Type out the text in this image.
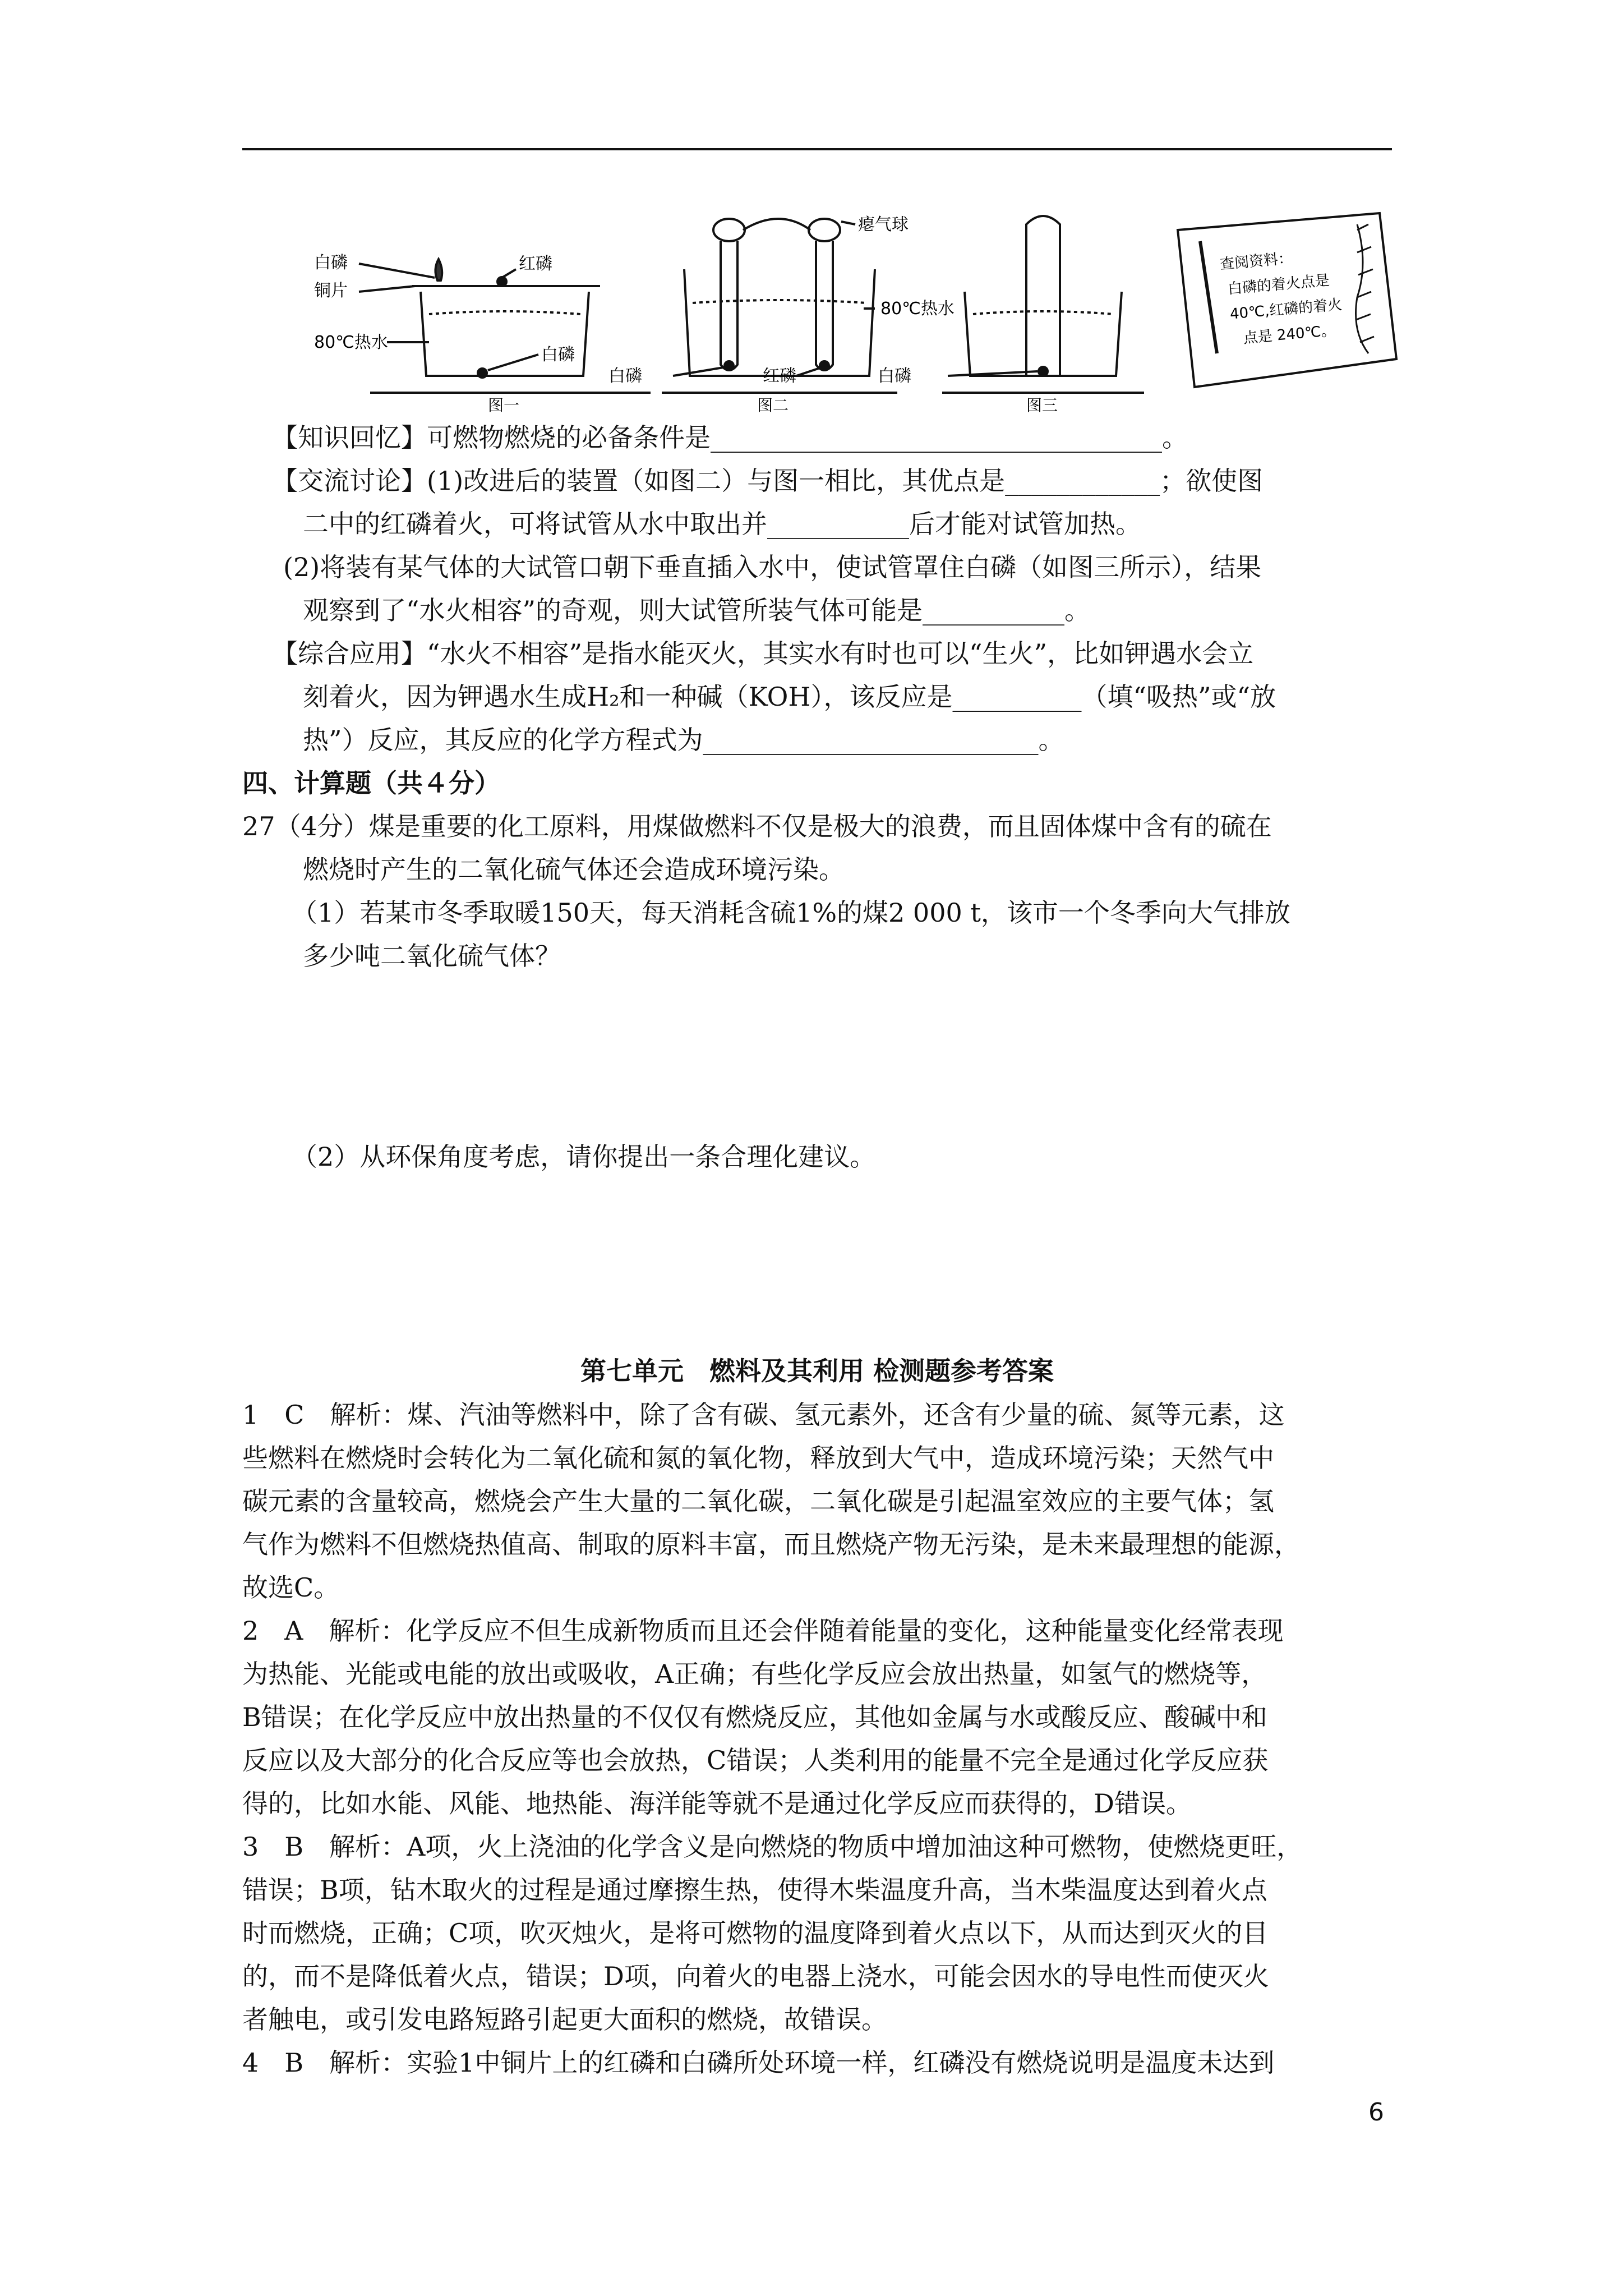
白磷
铜片
红磷
80℃热水
白磷
图一
瘪气球
80℃热水
白磷	红磷
图二
白磷
图三
查阅资料：
白磷的着火点是
40℃,红磷的着火
点是 240℃。
【知识回忆】可燃物燃烧的必备条件是___________________________________。
【交流讨论】(1)改进后的装置（如图二）与图一相比，其优点是____________；欲使图
二中的红磷着火，可将试管从水中取出并___________后才能对试管加热。
(2)将装有某气体的大试管口朝下垂直插入水中，使试管罩住白磷（如图三所示），结果
观察到了“水火相容”的奇观，则大试管所装气体可能是___________。
【综合应用】“水火不相容”是指水能灭火，其实水有时也可以“生火”，比如钾遇水会立
刻着火，因为钾遇水生成H₂和一种碱（KOH），该反应是__________（填“吸热”或“放
热”）反应，其反应的化学方程式为__________________________。
四、计算题（共４分）
27（4分）煤是重要的化工原料，用煤做燃料不仅是极大的浪费，而且固体煤中含有的硫在
燃烧时产生的二氧化硫气体还会造成环境污染。
（1）若某市冬季取暖150天，每天消耗含硫1%的煤2 000 t，该市一个冬季向大气排放
多少吨二氧化硫气体？
（2）从环保角度考虑，请你提出一条合理化建议。
第七单元　燃料及其利用 检测题参考答案
1　C　解析：煤、汽油等燃料中，除了含有碳、氢元素外，还含有少量的硫、氮等元素，这
些燃料在燃烧时会转化为二氧化硫和氮的氧化物，释放到大气中，造成环境污染；天然气中
碳元素的含量较高，燃烧会产生大量的二氧化碳，二氧化碳是引起温室效应的主要气体；氢
气作为燃料不但燃烧热值高、制取的原料丰富，而且燃烧产物无污染，是未来最理想的能源，
故选C。
2　A　解析：化学反应不但生成新物质而且还会伴随着能量的变化，这种能量变化经常表现
为热能、光能或电能的放出或吸收，A正确；有些化学反应会放出热量，如氢气的燃烧等，
B错误；在化学反应中放出热量的不仅仅有燃烧反应，其他如金属与水或酸反应、酸碱中和
反应以及大部分的化合反应等也会放热，C错误；人类利用的能量不完全是通过化学反应获
得的，比如水能、风能、地热能、海洋能等就不是通过化学反应而获得的，D错误。
3　B　解析：A项，火上浇油的化学含义是向燃烧的物质中增加油这种可燃物，使燃烧更旺，
错误；B项，钻木取火的过程是通过摩擦生热，使得木柴温度升高，当木柴温度达到着火点
时而燃烧，正确；C项，吹灭烛火，是将可燃物的温度降到着火点以下，从而达到灭火的目
的，而不是降低着火点，错误；D项，向着火的电器上浇水，可能会因水的导电性而使灭火
者触电，或引发电路短路引起更大面积的燃烧，故错误。
4　B　解析：实验1中铜片上的红磷和白磷所处环境一样，红磷没有燃烧说明是温度未达到
6
